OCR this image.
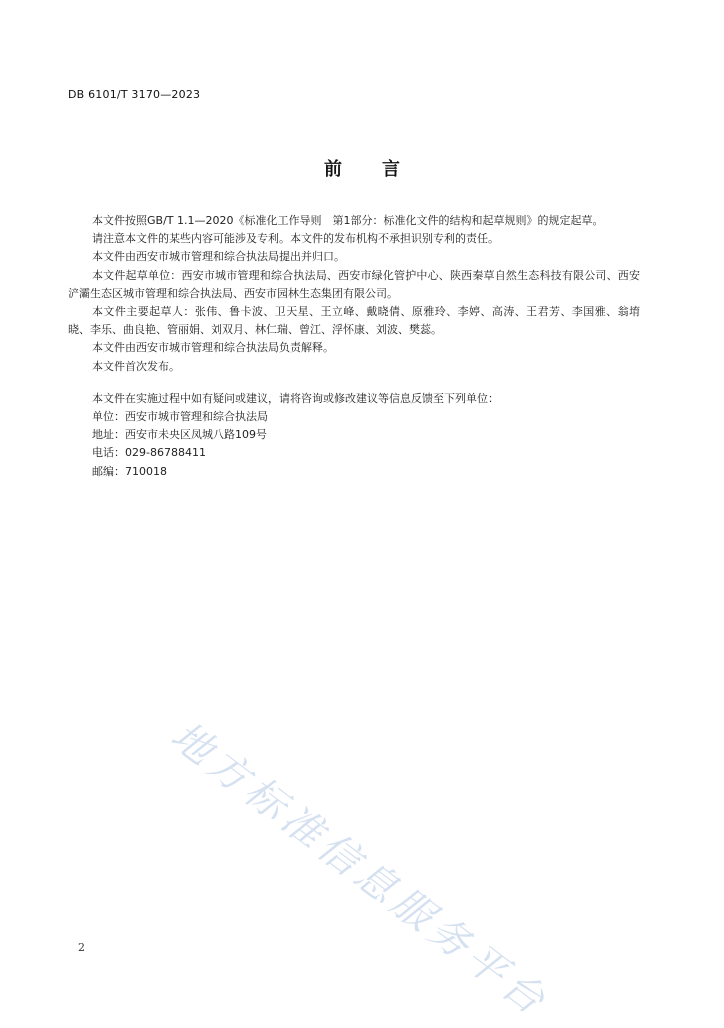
DB 6101/T 3170—2023
前 言

本文件按照GB/T 1.1—2020《标准化工作导则　第1部分：标准化文件的结构和起草规则》的规定起草。

请注意本文件的某些内容可能涉及专利。本文件的发布机构不承担识别专利的责任。

本文件由西安市城市管理和综合执法局提出并归口。

本文件起草单位：西安市城市管理和综合执法局、西安市绿化管护中心、陕西秦草自然生态科技有限公司、西安浐灞生态区城市管理和综合执法局、西安市园林生态集团有限公司。

本文件主要起草人：张伟、鲁卡波、卫天星、王立峰、戴晓倩、原雅玲、李婷、高涛、王君芳、李国雅、翁堉晓、李乐、曲良艳、管丽娟、刘双月、林仁瑞、曾江、浮怀康、刘波、樊蕊。

本文件由西安市城市管理和综合执法局负责解释。

本文件首次发布。

本文件在实施过程中如有疑问或建议，请将咨询或修改建议等信息反馈至下列单位：

单位：西安市城市管理和综合执法局

地址：西安市未央区凤城八路109号

电话：029-86788411

邮编：710018

地方标准信息服务平台
2
